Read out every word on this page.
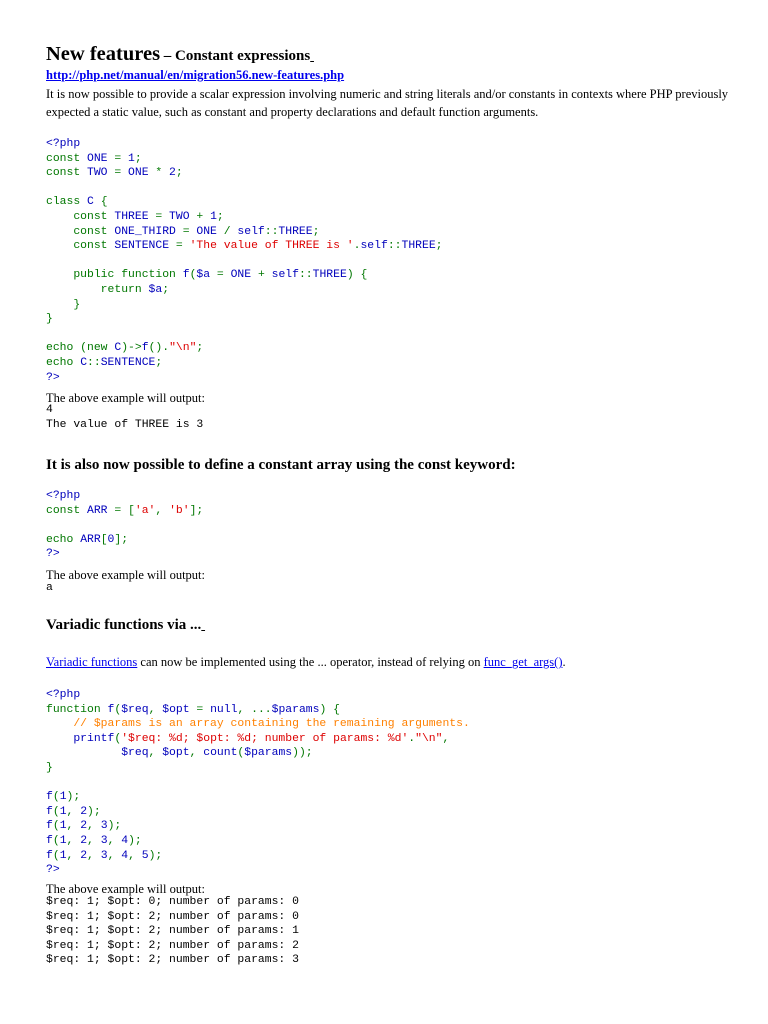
New features – Constant expressions
http://php.net/manual/en/migration56.new-features.php

It is now possible to provide a scalar expression involving numeric and string literals and/or constants in contexts where PHP previously expected a static value, such as constant and property declarations and default function arguments.

<?php
const ONE = 1;
const TWO = ONE * 2;
class C {
const THREE = TWO + 1;
const ONE_THIRD = ONE / self::THREE;
const SENTENCE = 'The value of THREE is '.self::THREE;
public function f($a = ONE + self::THREE) {
return $a;
}
}
echo (new C)->f()."\n";
echo C::SENTENCE;
?>

The above example will output:

4
The value of THREE is 3
It is also now possible to define a constant array using the const keyword:
<?php
const ARR = ['a', 'b'];
echo ARR[0];
?>

The above example will output:

a
Variadic functions via ...

Variadic functions can now be implemented using the ... operator, instead of relying on func_get_args().

<?php
function f($req, $opt = null, ...$params) {
// $params is an array containing the remaining arguments.
printf('$req: %d; $opt: %d; number of params: %d'."\n",
$req, $opt, count($params));
}
f(1);
f(1, 2);
f(1, 2, 3);
f(1, 2, 3, 4);
f(1, 2, 3, 4, 5);
?>

The above example will output:

$req: 1; $opt: 0; number of params: 0
$req: 1; $opt: 2; number of params: 0
$req: 1; $opt: 2; number of params: 1
$req: 1; $opt: 2; number of params: 2
$req: 1; $opt: 2; number of params: 3
